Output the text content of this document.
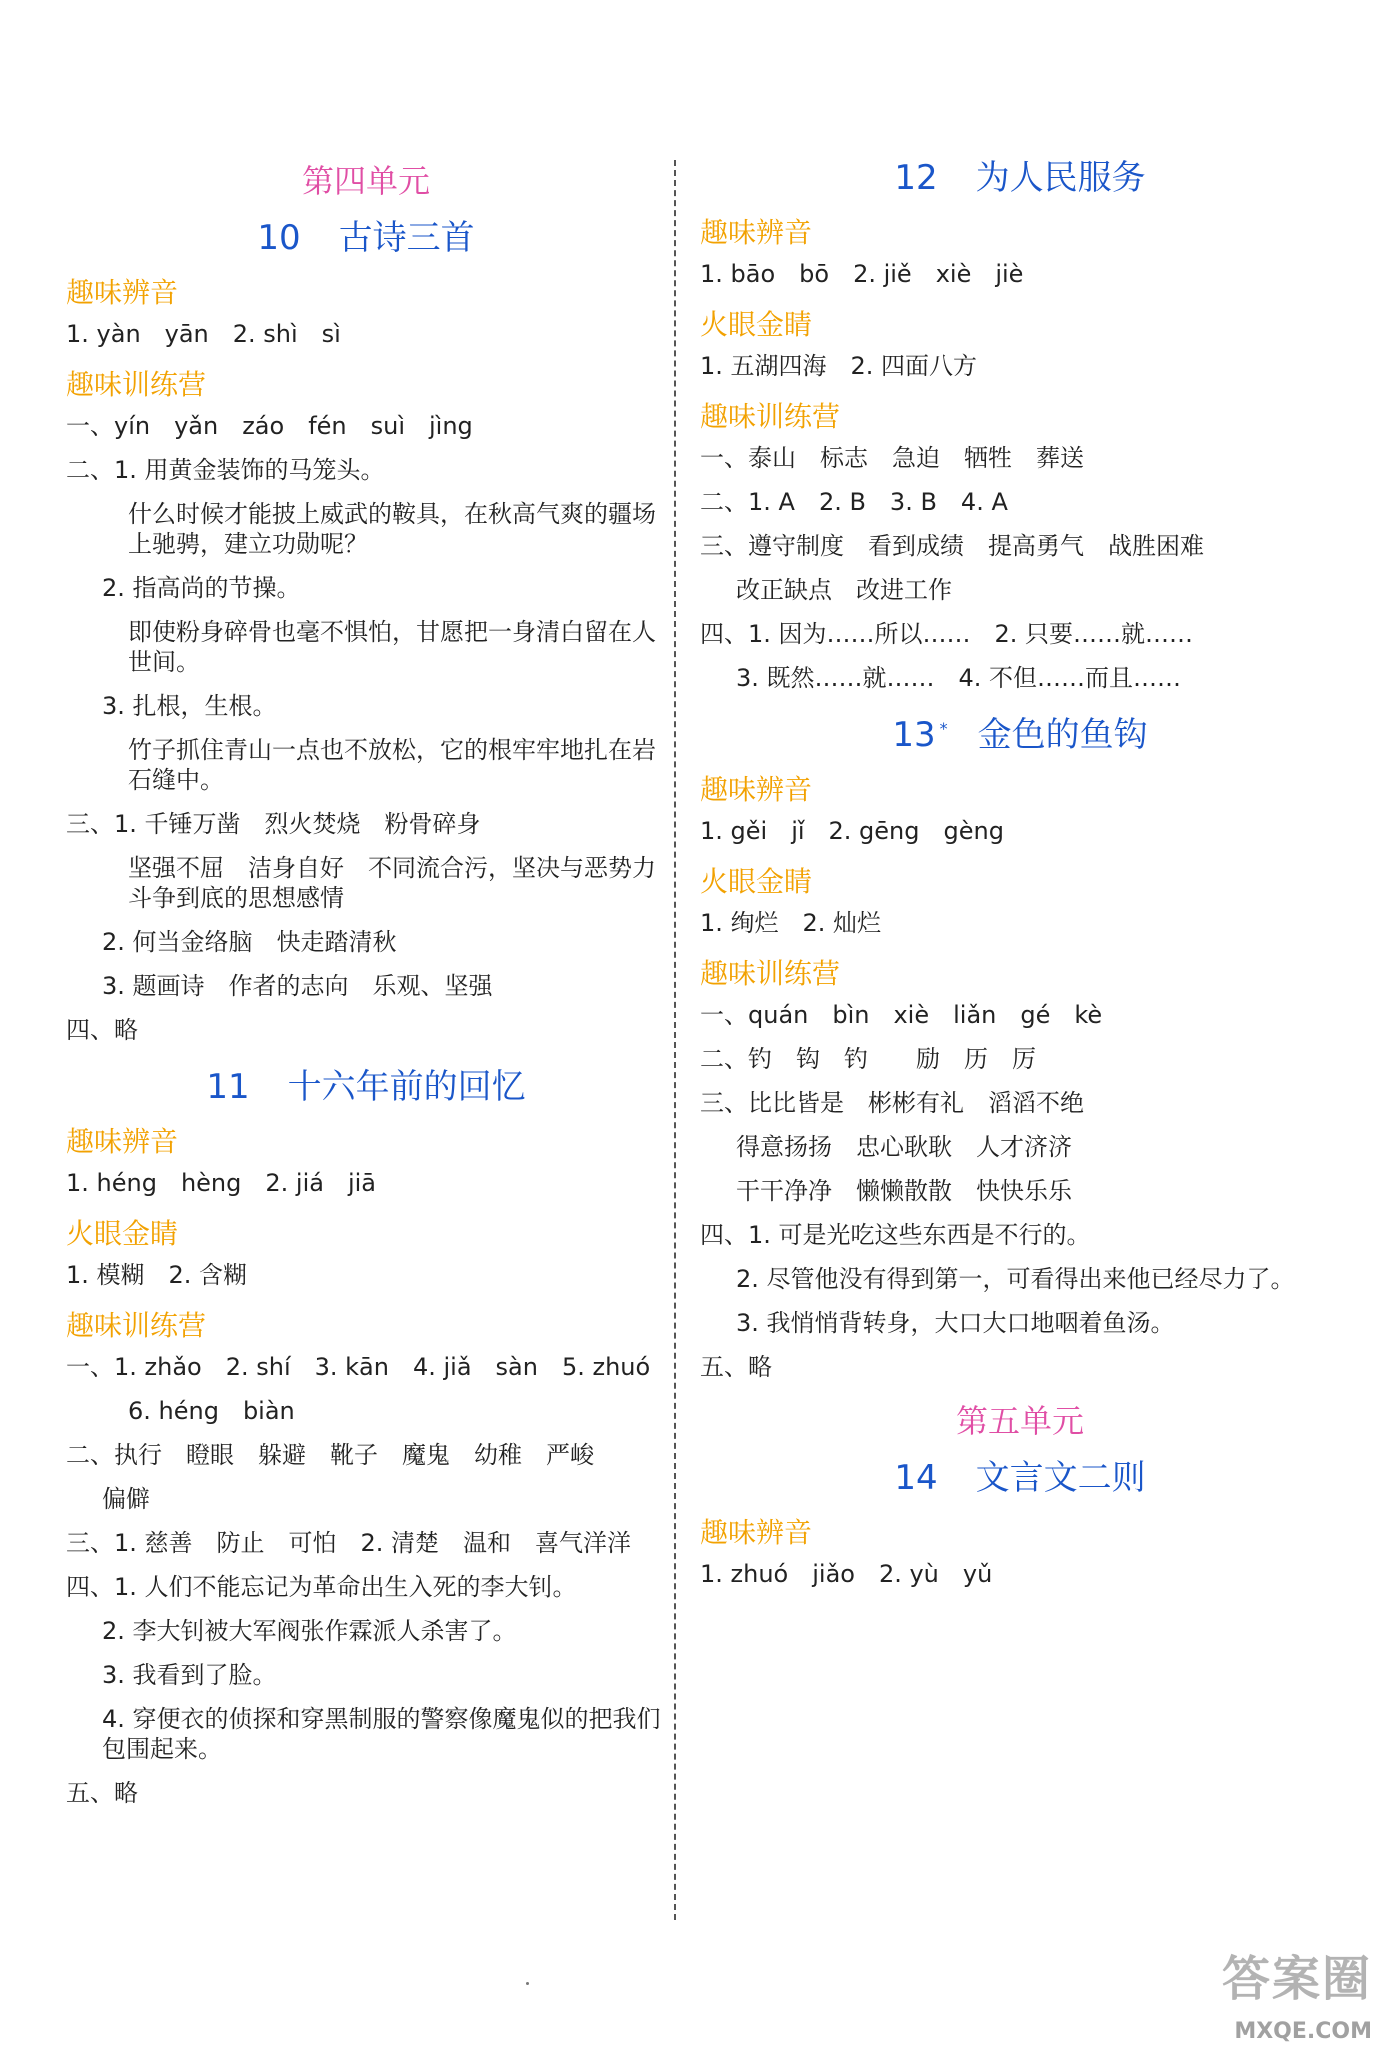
第四单元
10 古诗三首
趣味辨音

1. yàn　yān　2. shì　sì

趣味训练营

一、yín　yǎn　záo　fén　suì　jìng

二、1. 用黄金装饰的马笼头。

什么时候才能披上威武的鞍具，在秋高气爽的疆场上驰骋，建立功勋呢？

2. 指高尚的节操。

即使粉身碎骨也毫不惧怕，甘愿把一身清白留在人世间。

3. 扎根，生根。

竹子抓住青山一点也不放松，它的根牢牢地扎在岩石缝中。

三、1. 千锤万凿　烈火焚烧　粉骨碎身

坚强不屈　洁身自好　不同流合污，坚决与恶势力斗争到底的思想感情

2. 何当金络脑　快走踏清秋

3. 题画诗　作者的志向　乐观、坚强

四、略

11 十六年前的回忆
趣味辨音

1. héng　hèng　2. jiá　jiā

火眼金睛

1. 模糊　2. 含糊

趣味训练营

一、1. zhǎo　2. shí　3. kān　4. jiǎ　sàn　5. zhuó

6. héng　biàn

二、执行　瞪眼　躲避　靴子　魔鬼　幼稚　严峻

偏僻

三、1. 慈善　防止　可怕　2. 清楚　温和　喜气洋洋

四、1. 人们不能忘记为革命出生入死的李大钊。

2. 李大钊被大军阀张作霖派人杀害了。

3. 我看到了脸。

4. 穿便衣的侦探和穿黑制服的警察像魔鬼似的把我们包围起来。

五、略

12 为人民服务
趣味辨音

1. bāo　bō　2. jiě　xiè　jiè

火眼金睛

1. 五湖四海　2. 四面八方

趣味训练营

一、泰山　标志　急迫　牺牲　葬送

二、1. A　2. B　3. B　4. A

三、遵守制度　看到成绩　提高勇气　战胜困难

改正缺点　改进工作

四、1. 因为……所以……　2. 只要……就……

3. 既然……就……　4. 不但……而且……

13 * 金色的鱼钩
趣味辨音

1. gěi　jǐ　2. gēng　gèng

火眼金睛

1. 绚烂　2. 灿烂

趣味训练营

一、quán　bìn　xiè　liǎn　gé　kè

二、钓　钩　钓　　励　历　厉

三、比比皆是　彬彬有礼　滔滔不绝

得意扬扬　忠心耿耿　人才济济

干干净净　懒懒散散　快快乐乐

四、1. 可是光吃这些东西是不行的。

2. 尽管他没有得到第一，可看得出来他已经尽力了。

3. 我悄悄背转身，大口大口地咽着鱼汤。

五、略

第五单元
14 文言文二则
趣味辨音

1. zhuó　jiǎo　2. yù　yǔ

答案圈
MXQE.COM
